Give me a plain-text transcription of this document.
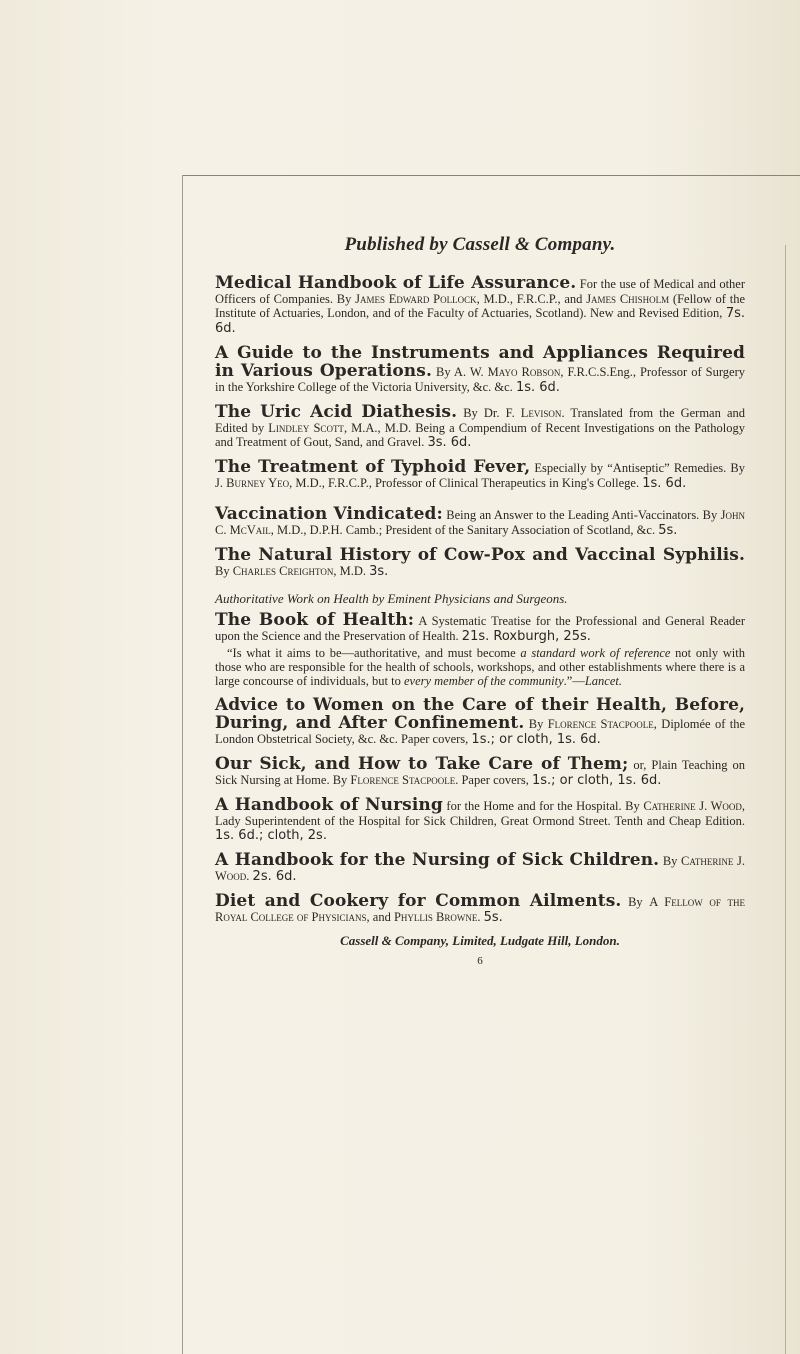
Published by Cassell & Company.

Medical Handbook of Life Assurance. For the use of Medical and other Officers of Companies. By James Edward Pollock, M.D., F.R.C.P., and James Chisholm (Fellow of the Institute of Actuaries, London, and of the Faculty of Actuaries, Scotland). New and Revised Edition, 7s. 6d.

A Guide to the Instruments and Appliances Required in Various Operations. By A. W. Mayo Robson, F.R.C.S.Eng., Professor of Surgery in the Yorkshire College of the Victoria University, &c. &c. 1s. 6d.

The Uric Acid Diathesis. By Dr. F. Levison. Translated from the German and Edited by Lindley Scott, M.A., M.D. Being a Compendium of Recent Investigations on the Pathology and Treatment of Gout, Sand, and Gravel. 3s. 6d.

The Treatment of Typhoid Fever, Especially by “Antiseptic” Remedies. By J. Burney Yeo, M.D., F.R.C.P., Professor of Clinical Therapeutics in King's College. 1s. 6d.

Vaccination Vindicated: Being an Answer to the Leading Anti-Vaccinators. By John C. McVail, M.D., D.P.H. Camb.; President of the Sanitary Association of Scotland, &c. 5s.

The Natural History of Cow-Pox and Vaccinal Syphilis. By Charles Creighton, M.D. 3s.

Authoritative Work on Health by Eminent Physicians and Surgeons.

The Book of Health: A Systematic Treatise for the Professional and General Reader upon the Science and the Preservation of Health. 21s. Roxburgh, 25s.

“Is what it aims to be—authoritative, and must become a standard work of reference not only with those who are responsible for the health of schools, workshops, and other establishments where there is a large concourse of individuals, but to every member of the community.”—Lancet.

Advice to Women on the Care of their Health, Before, During, and After Confinement. By Florence Stacpoole, Diplomée of the London Obstetrical Society, &c. &c. Paper covers, 1s.; or cloth, 1s. 6d.

Our Sick, and How to Take Care of Them; or, Plain Teaching on Sick Nursing at Home. By Florence Stacpoole. Paper covers, 1s.; or cloth, 1s. 6d.

A Handbook of Nursing for the Home and for the Hospital. By Catherine J. Wood, Lady Superintendent of the Hospital for Sick Children, Great Ormond Street. Tenth and Cheap Edition. 1s. 6d.; cloth, 2s.

A Handbook for the Nursing of Sick Children. By Catherine J. Wood. 2s. 6d.

Diet and Cookery for Common Ailments. By A Fellow of the Royal College of Physicians, and Phyllis Browne. 5s.

Cassell & Company, Limited, Ludgate Hill, London.
6
